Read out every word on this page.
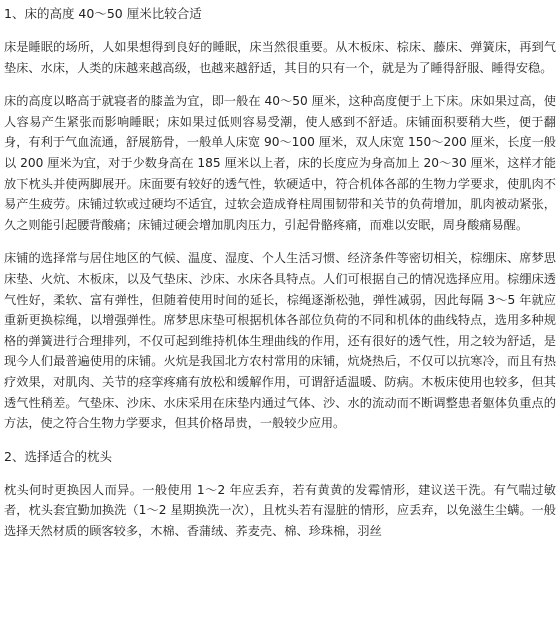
1、床的高度 40～50 厘米比较合适
床是睡眠的场所，人如果想得到良好的睡眠，床当然很重要。从木板床、棕床、藤床、弹簧床，再到气垫床、水床，人类的床越来越高级，也越来越舒适，其目的只有一个，就是为了睡得舒服、睡得安稳。
床的高度以略高于就寝者的膝盖为宜，即一般在 40～50 厘米，这种高度便于上下床。床如果过高，使人容易产生紧张而影响睡眠；床如果过低则容易受潮，使人感到不舒适。床铺面积要稍大些，便于翻身，有利于气血流通，舒展筋骨，一般单人床宽 90～100 厘米，双人床宽 150～200 厘米，长度一般以 200 厘米为宜，对于少数身高在 185 厘米以上者，床的长度应为身高加上 20～30 厘米，这样才能放下枕头并使两脚展开。床面要有较好的透气性，软硬适中，符合机体各部的生物力学要求，使肌肉不易产生疲劳。床铺过软或过硬均不适宜，过软会造成脊柱周围韧带和关节的负荷增加，肌肉被动紧张，久之则能引起腰背酸痛；床铺过硬会增加肌肉压力，引起骨骼疼痛，而难以安眠，周身酸痛易醒。
床铺的选择常与居住地区的气候、温度、湿度、个人生活习惯、经济条件等密切相关，棕绷床、席梦思床垫、火炕、木板床，以及气垫床、沙床、水床各具特点。人们可根据自己的情况选择应用。棕绷床透气性好，柔软、富有弹性，但随着使用时间的延长，棕绳逐渐松弛，弹性减弱，因此每隔 3～5 年就应重新更换棕绳，以增强弹性。席梦思床垫可根据机体各部位负荷的不同和机体的曲线特点，选用多种规格的弹簧进行合理排列，不仅可起到维持机体生理曲线的作用，还有很好的透气性，用之较为舒适，是现今人们最普遍使用的床铺。火炕是我国北方农村常用的床铺，炕烧热后，不仅可以抗寒冷，而且有热疗效果，对肌肉、关节的痉挛疼痛有放松和缓解作用，可谓舒适温暖、防病。木板床使用也较多，但其透气性稍差。气垫床、沙床、水床采用在床垫内通过气体、沙、水的流动而不断调整患者躯体负重点的方法，使之符合生物力学要求，但其价格昂贵，一般较少应用。
2、选择适合的枕头
枕头何时更换因人而异。一般使用 1～2 年应丢弃，若有黄黄的发霉情形，建议送干洗。有气喘过敏者，枕头套宜勤加换洗（1～2 星期换洗一次），且枕头若有湿脏的情形，应丢弃，以免滋生尘螨。一般选择天然材质的顾客较多，木棉、香蒲绒、荞麦壳、棉、珍珠棉，羽丝
